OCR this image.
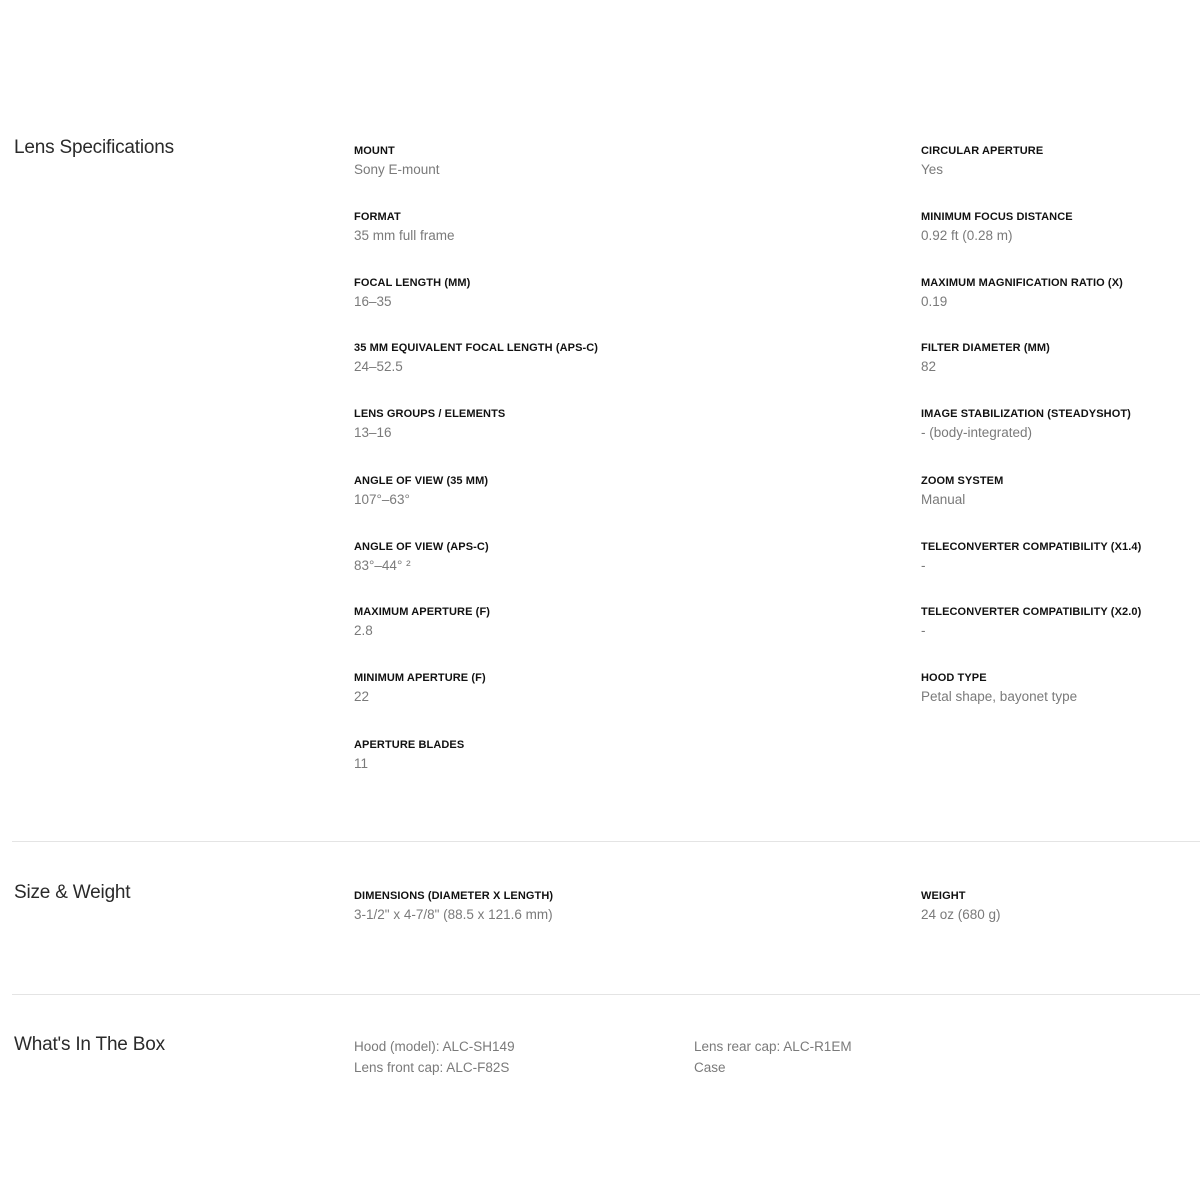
Lens Specifications	MOUNT
Sony E-mount
FORMAT
35 mm full frame
FOCAL LENGTH (MM)
16–35
35 MM EQUIVALENT FOCAL LENGTH (APS-C)
24–52.5
LENS GROUPS / ELEMENTS
13–16
ANGLE OF VIEW (35 MM)
107°–63°
ANGLE OF VIEW (APS-C)
83°–44° ²
MAXIMUM APERTURE (F)
2.8
MINIMUM APERTURE (F)
22
APERTURE BLADES
11
CIRCULAR APERTURE
Yes
MINIMUM FOCUS DISTANCE
0.92 ft (0.28 m)
MAXIMUM MAGNIFICATION RATIO (X)
0.19
FILTER DIAMETER (MM)
82
IMAGE STABILIZATION (STEADYSHOT)
- (body-integrated)
ZOOM SYSTEM
Manual
TELECONVERTER COMPATIBILITY (X1.4)
-
TELECONVERTER COMPATIBILITY (X2.0)
-
HOOD TYPE
Petal shape, bayonet type
Size & Weight	DIMENSIONS (DIAMETER X LENGTH)
3-1/2" x 4-7/8" (88.5 x 121.6 mm)
WEIGHT
24 oz (680 g)
What's In The Box	Hood (model): ALC-SH149
Lens front cap: ALC-F82S
Lens rear cap: ALC-R1EM
Case
